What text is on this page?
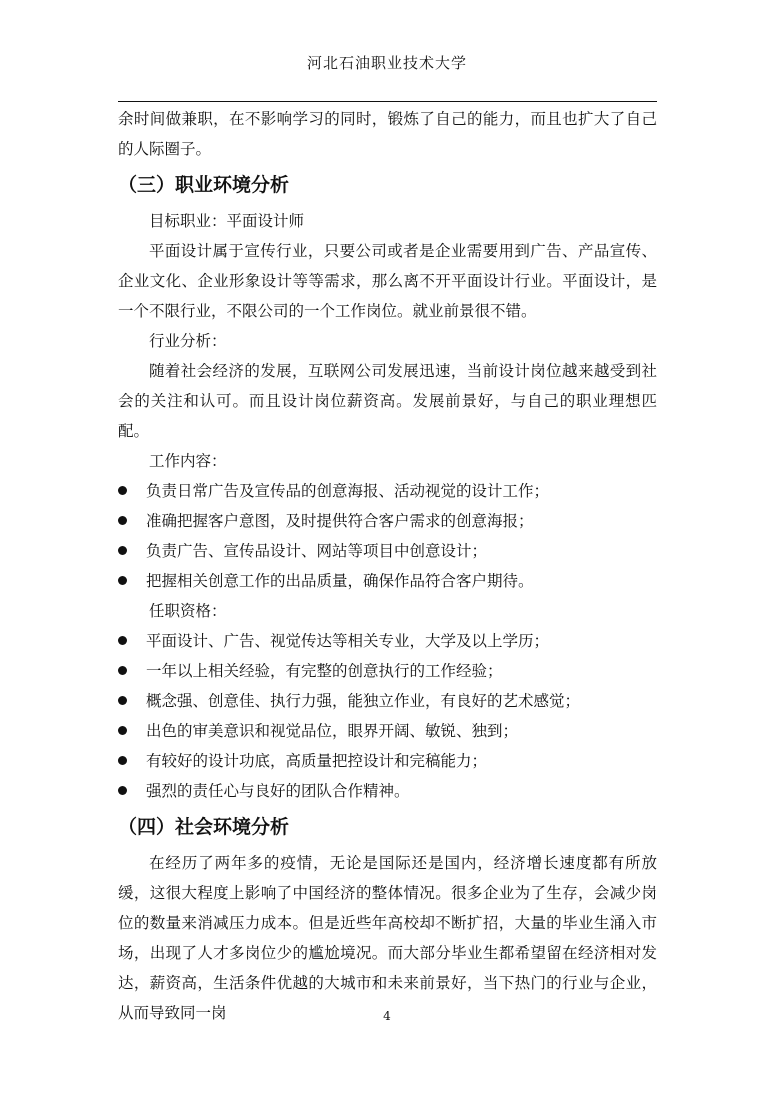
河北石油职业技术大学

余时间做兼职，在不影响学习的同时，锻炼了自己的能力，而且也扩大了自己的人际圈子。

（三）职业环境分析

目标职业：平面设计师

平面设计属于宣传行业，只要公司或者是企业需要用到广告、产品宣传、企业文化、企业形象设计等等需求，那么离不开平面设计行业。平面设计，是一个不限行业，不限公司的一个工作岗位。就业前景很不错。

行业分析：

随着社会经济的发展，互联网公司发展迅速，当前设计岗位越来越受到社会的关注和认可。而且设计岗位薪资高。发展前景好，与自己的职业理想匹配。

工作内容：

负责日常广告及宣传品的创意海报、活动视觉的设计工作；
准确把握客户意图，及时提供符合客户需求的创意海报；
负责广告、宣传品设计、网站等项目中创意设计；
把握相关创意工作的出品质量，确保作品符合客户期待。

任职资格：

平面设计、广告、视觉传达等相关专业，大学及以上学历；
一年以上相关经验，有完整的创意执行的工作经验；
概念强、创意佳、执行力强，能独立作业，有良好的艺术感觉；
出色的审美意识和视觉品位，眼界开阔、敏锐、独到；
有较好的设计功底，高质量把控设计和完稿能力；
强烈的责任心与良好的团队合作精神。
（四）社会环境分析

在经历了两年多的疫情，无论是国际还是国内，经济增长速度都有所放缓，这很大程度上影响了中国经济的整体情况。很多企业为了生存，会减少岗位的数量来消减压力成本。但是近些年高校却不断扩招，大量的毕业生涌入市场，出现了人才多岗位少的尴尬境况。而大部分毕业生都希望留在经济相对发达，薪资高，生活条件优越的大城市和未来前景好，当下热门的行业与企业，从而导致同一岗	4
